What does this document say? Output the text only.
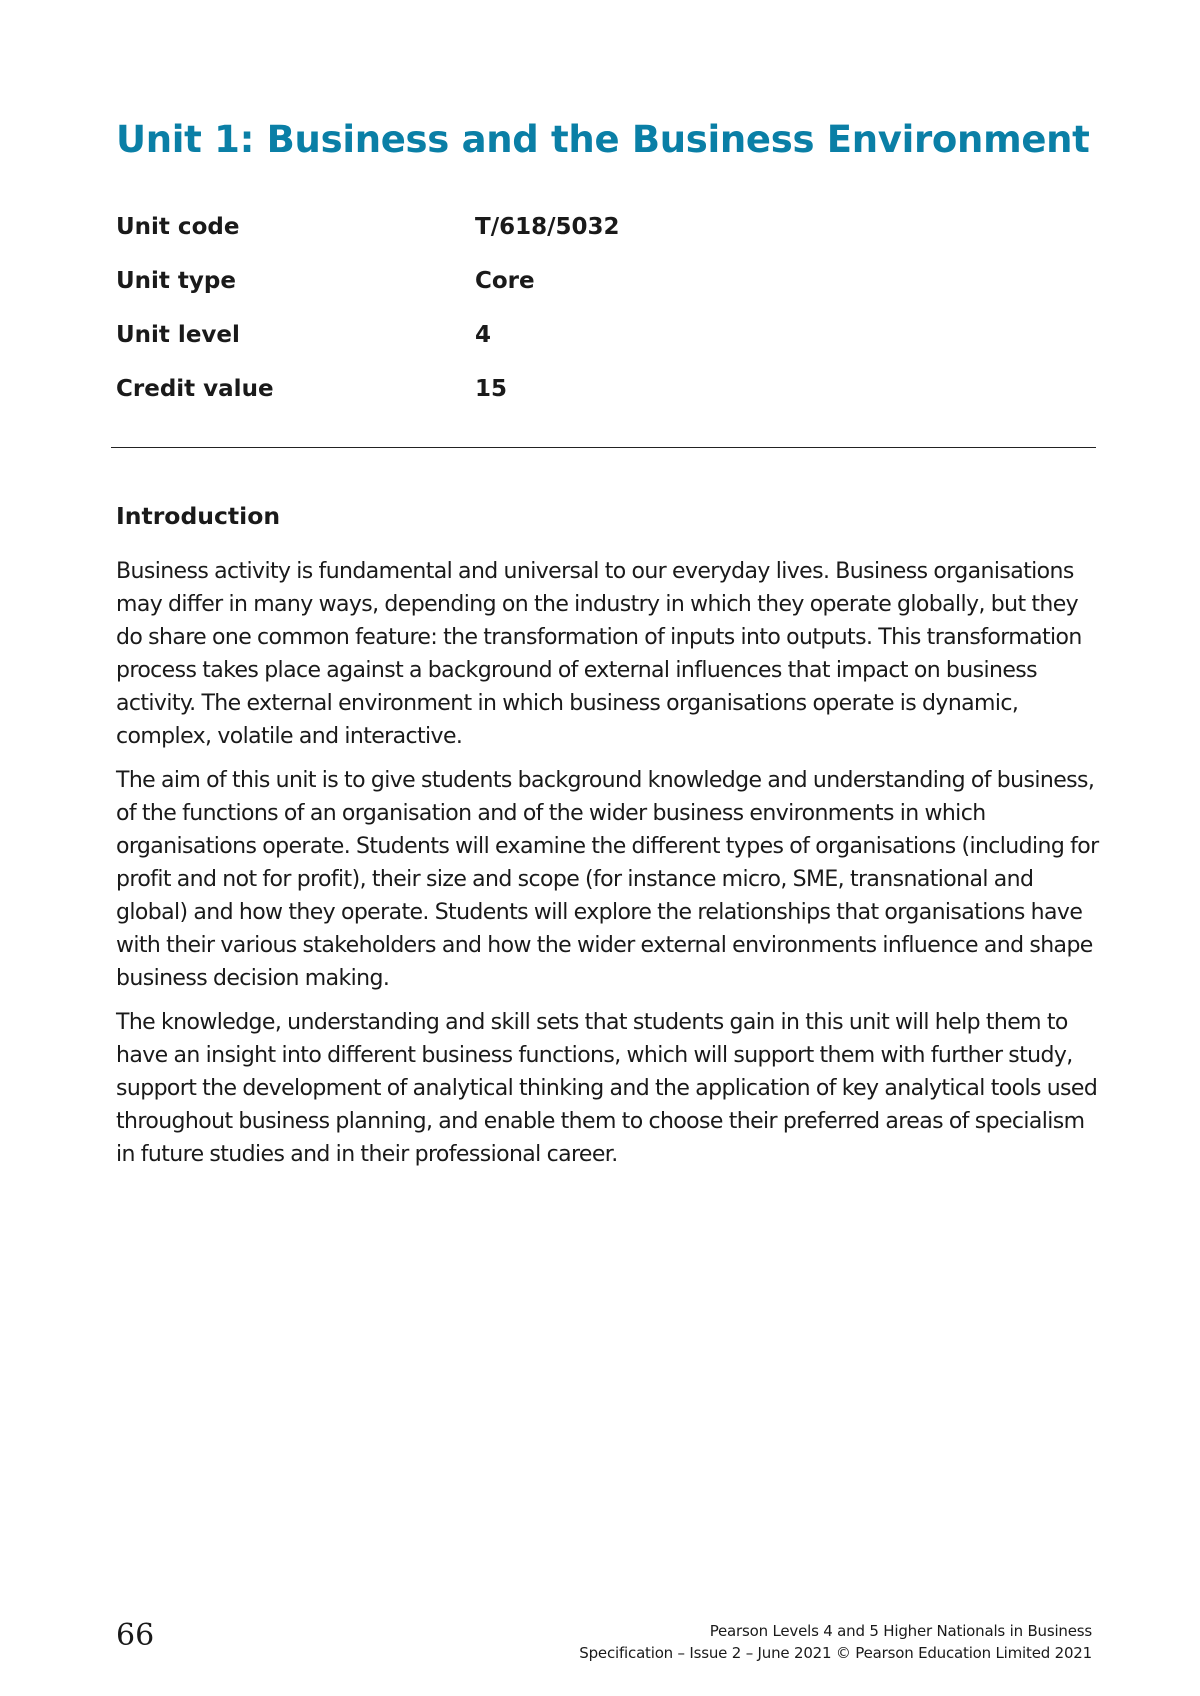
Unit 1: Business and the Business Environment
Unit code	T/618/5032
Unit type	Core
Unit level	4
Credit value	15
Introduction

Business activity is fundamental and universal to our everyday lives. Business organisations may differ in many ways, depending on the industry in which they operate globally, but they do share one common feature: the transformation of inputs into outputs. This transformation process takes place against a background of external influences that impact on business activity. The external environment in which business organisations operate is dynamic, complex, volatile and interactive.

The aim of this unit is to give students background knowledge and understanding of business, of the functions of an organisation and of the wider business environments in which organisations operate. Students will examine the different types of organisations (including for profit and not for profit), their size and scope (for instance micro, SME, transnational and global) and how they operate. Students will explore the relationships that organisations have with their various stakeholders and how the wider external environments influence and shape business decision making.

The knowledge, understanding and skill sets that students gain in this unit will help them to have an insight into different business functions, which will support them with further study, support the development of analytical thinking and the application of key analytical tools used throughout business planning, and enable them to choose their preferred areas of specialism in future studies and in their professional career.

66	Pearson Levels 4 and 5 Higher Nationals in Business
Specification – Issue 2 – June 2021 © Pearson Education Limited 2021
